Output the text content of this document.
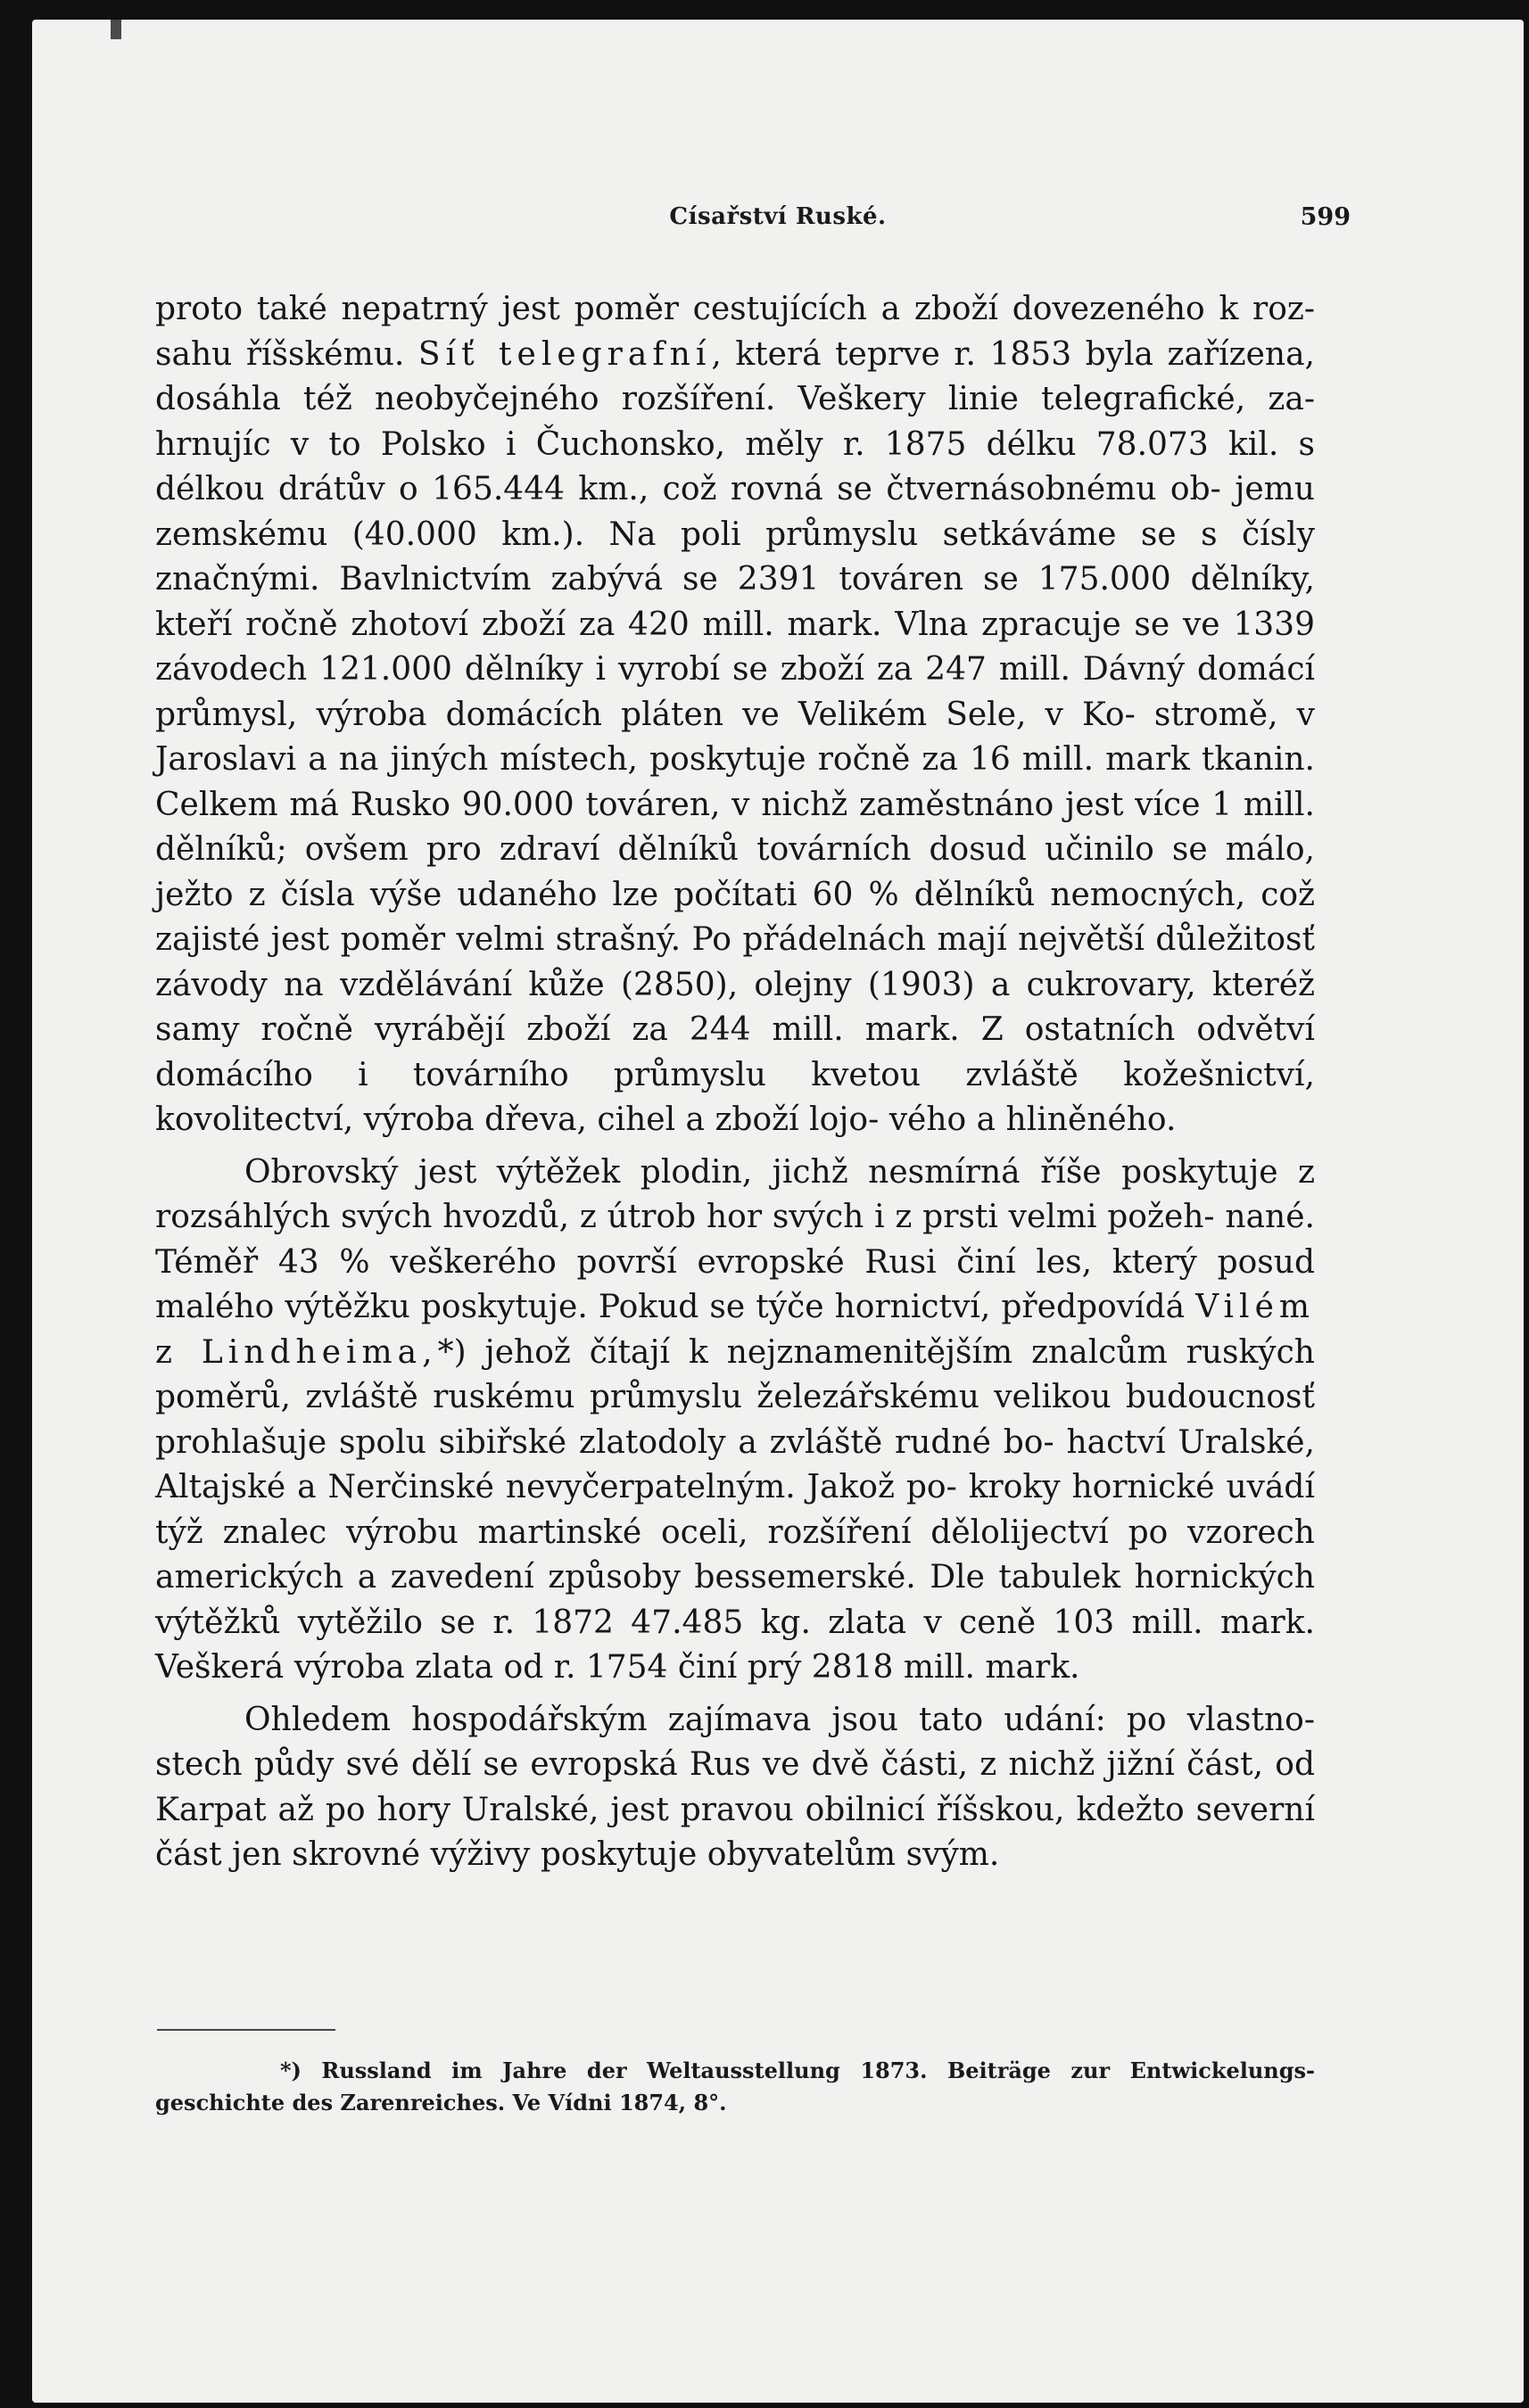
Císařství Ruské.	599

proto také nepatrný jest poměr cestujících a zboží dovezeného k roz- sahu říšskému. Síť telegrafní, která teprve r. 1853 byla zařízena, dosáhla též neobyčejného rozšíření. Veškery linie telegrafické, za- hrnujíc v to Polsko i Čuchonsko, měly r. 1875 délku 78.073 kil. s délkou drátův o 165.444 km., což rovná se čtvernásobnému ob- jemu zemskému (40.000 km.). Na poli průmyslu setkáváme se s čísly značnými. Bavlnictvím zabývá se 2391 továren se 175.000 dělníky, kteří ročně zhotoví zboží za 420 mill. mark. Vlna zpracuje se ve 1339 závodech 121.000 dělníky i vyrobí se zboží za 247 mill. Dávný domácí průmysl, výroba domácích pláten ve Velikém Sele, v Ko- stromě, v Jaroslavi a na jiných místech, poskytuje ročně za 16 mill. mark tkanin. Celkem má Rusko 90.000 továren, v nichž zaměstnáno jest více 1 mill. dělníků; ovšem pro zdraví dělníků továrních dosud učinilo se málo, ježto z čísla výše udaného lze počítati 60 % dělníků nemocných, což zajisté jest poměr velmi strašný. Po přádelnách mají největší důležitosť závody na vzdělávání kůže (2850), olejny (1903) a cukrovary, kteréž samy ročně vyrábějí zboží za 244 mill. mark. Z ostatních odvětví domácího i továrního průmyslu kvetou zvláště kožešnictví, kovolitectví, výroba dřeva, cihel a zboží lojo- vého a hliněného.

Obrovský jest výtěžek plodin, jichž nesmírná říše poskytuje z rozsáhlých svých hvozdů, z útrob hor svých i z prsti velmi požeh- nané. Téměř 43 % veškerého površí evropské Rusi činí les, který posud malého výtěžku poskytuje. Pokud se týče hornictví, předpovídá Vilém z Lindheima,*) jehož čítají k nejznamenitějším znalcům ruských poměrů, zvláště ruskému průmyslu železářskému velikou budoucnosť prohlašuje spolu sibiřské zlatodoly a zvláště rudné bo- hactví Uralské, Altajské a Nerčinské nevyčerpatelným. Jakož po- kroky hornické uvádí týž znalec výrobu martinské oceli, rozšíření dělolijectví po vzorech amerických a zavedení způsoby bessemerské. Dle tabulek hornických výtěžků vytěžilo se r. 1872 47.485 kg. zlata v ceně 103 mill. mark. Veškerá výroba zlata od r. 1754 činí prý 2818 mill. mark.

Ohledem hospodářským zajímava jsou tato udání: po vlastno- stech půdy své dělí se evropská Rus ve dvě části, z nichž jižní část, od Karpat až po hory Uralské, jest pravou obilnicí říšskou, kdežto severní část jen skrovné výživy poskytuje obyvatelům svým.

*) Russland im Jahre der Weltausstellung 1873. Beiträge zur Entwickelungs-geschichte des Zarenreiches. Ve Vídni 1874, 8°.
